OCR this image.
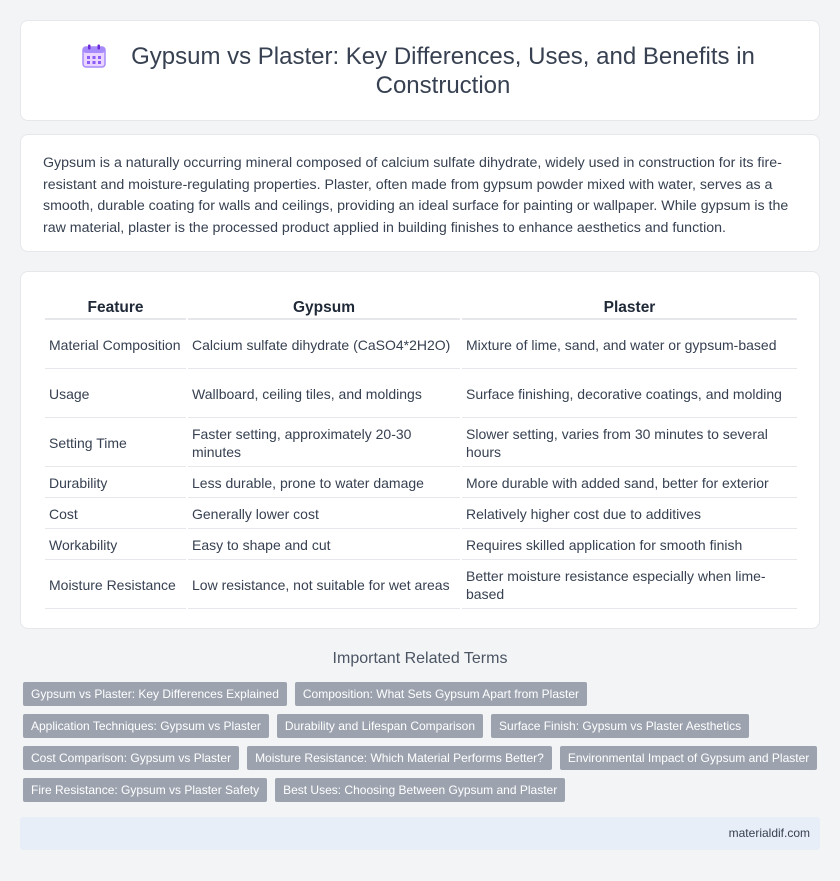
Gypsum vs Plaster: Key Differences, Uses, and Benefits in Construction

Gypsum is a naturally occurring mineral composed of calcium sulfate dihydrate, widely used in construction for its fire-resistant and moisture-regulating properties. Plaster, often made from gypsum powder mixed with water, serves as a smooth, durable coating for walls and ceilings, providing an ideal surface for painting or wallpaper. While gypsum is the raw material, plaster is the processed product applied in building finishes to enhance aesthetics and function.

Feature	Gypsum	Plaster
Material Composition	Calcium sulfate dihydrate (CaSO4*2H2O)	Mixture of lime, sand, and water or gypsum-based
Usage	Wallboard, ceiling tiles, and moldings	Surface finishing, decorative coatings, and molding
Setting Time	Faster setting, approximately 20-30 minutes	Slower setting, varies from 30 minutes to several hours
Durability	Less durable, prone to water damage	More durable with added sand, better for exterior
Cost	Generally lower cost	Relatively higher cost due to additives
Workability	Easy to shape and cut	Requires skilled application for smooth finish
Moisture Resistance	Low resistance, not suitable for wet areas	Better moisture resistance especially when lime-based
Important Related Terms
Gypsum vs Plaster: Key Differences Explained	Composition: What Sets Gypsum Apart from Plaster
Application Techniques: Gypsum vs Plaster	Durability and Lifespan Comparison	Surface Finish: Gypsum vs Plaster Aesthetics
Cost Comparison: Gypsum vs Plaster	Moisture Resistance: Which Material Performs Better?	Environmental Impact of Gypsum and Plaster
Fire Resistance: Gypsum vs Plaster Safety	Best Uses: Choosing Between Gypsum and Plaster
materialdif.com
